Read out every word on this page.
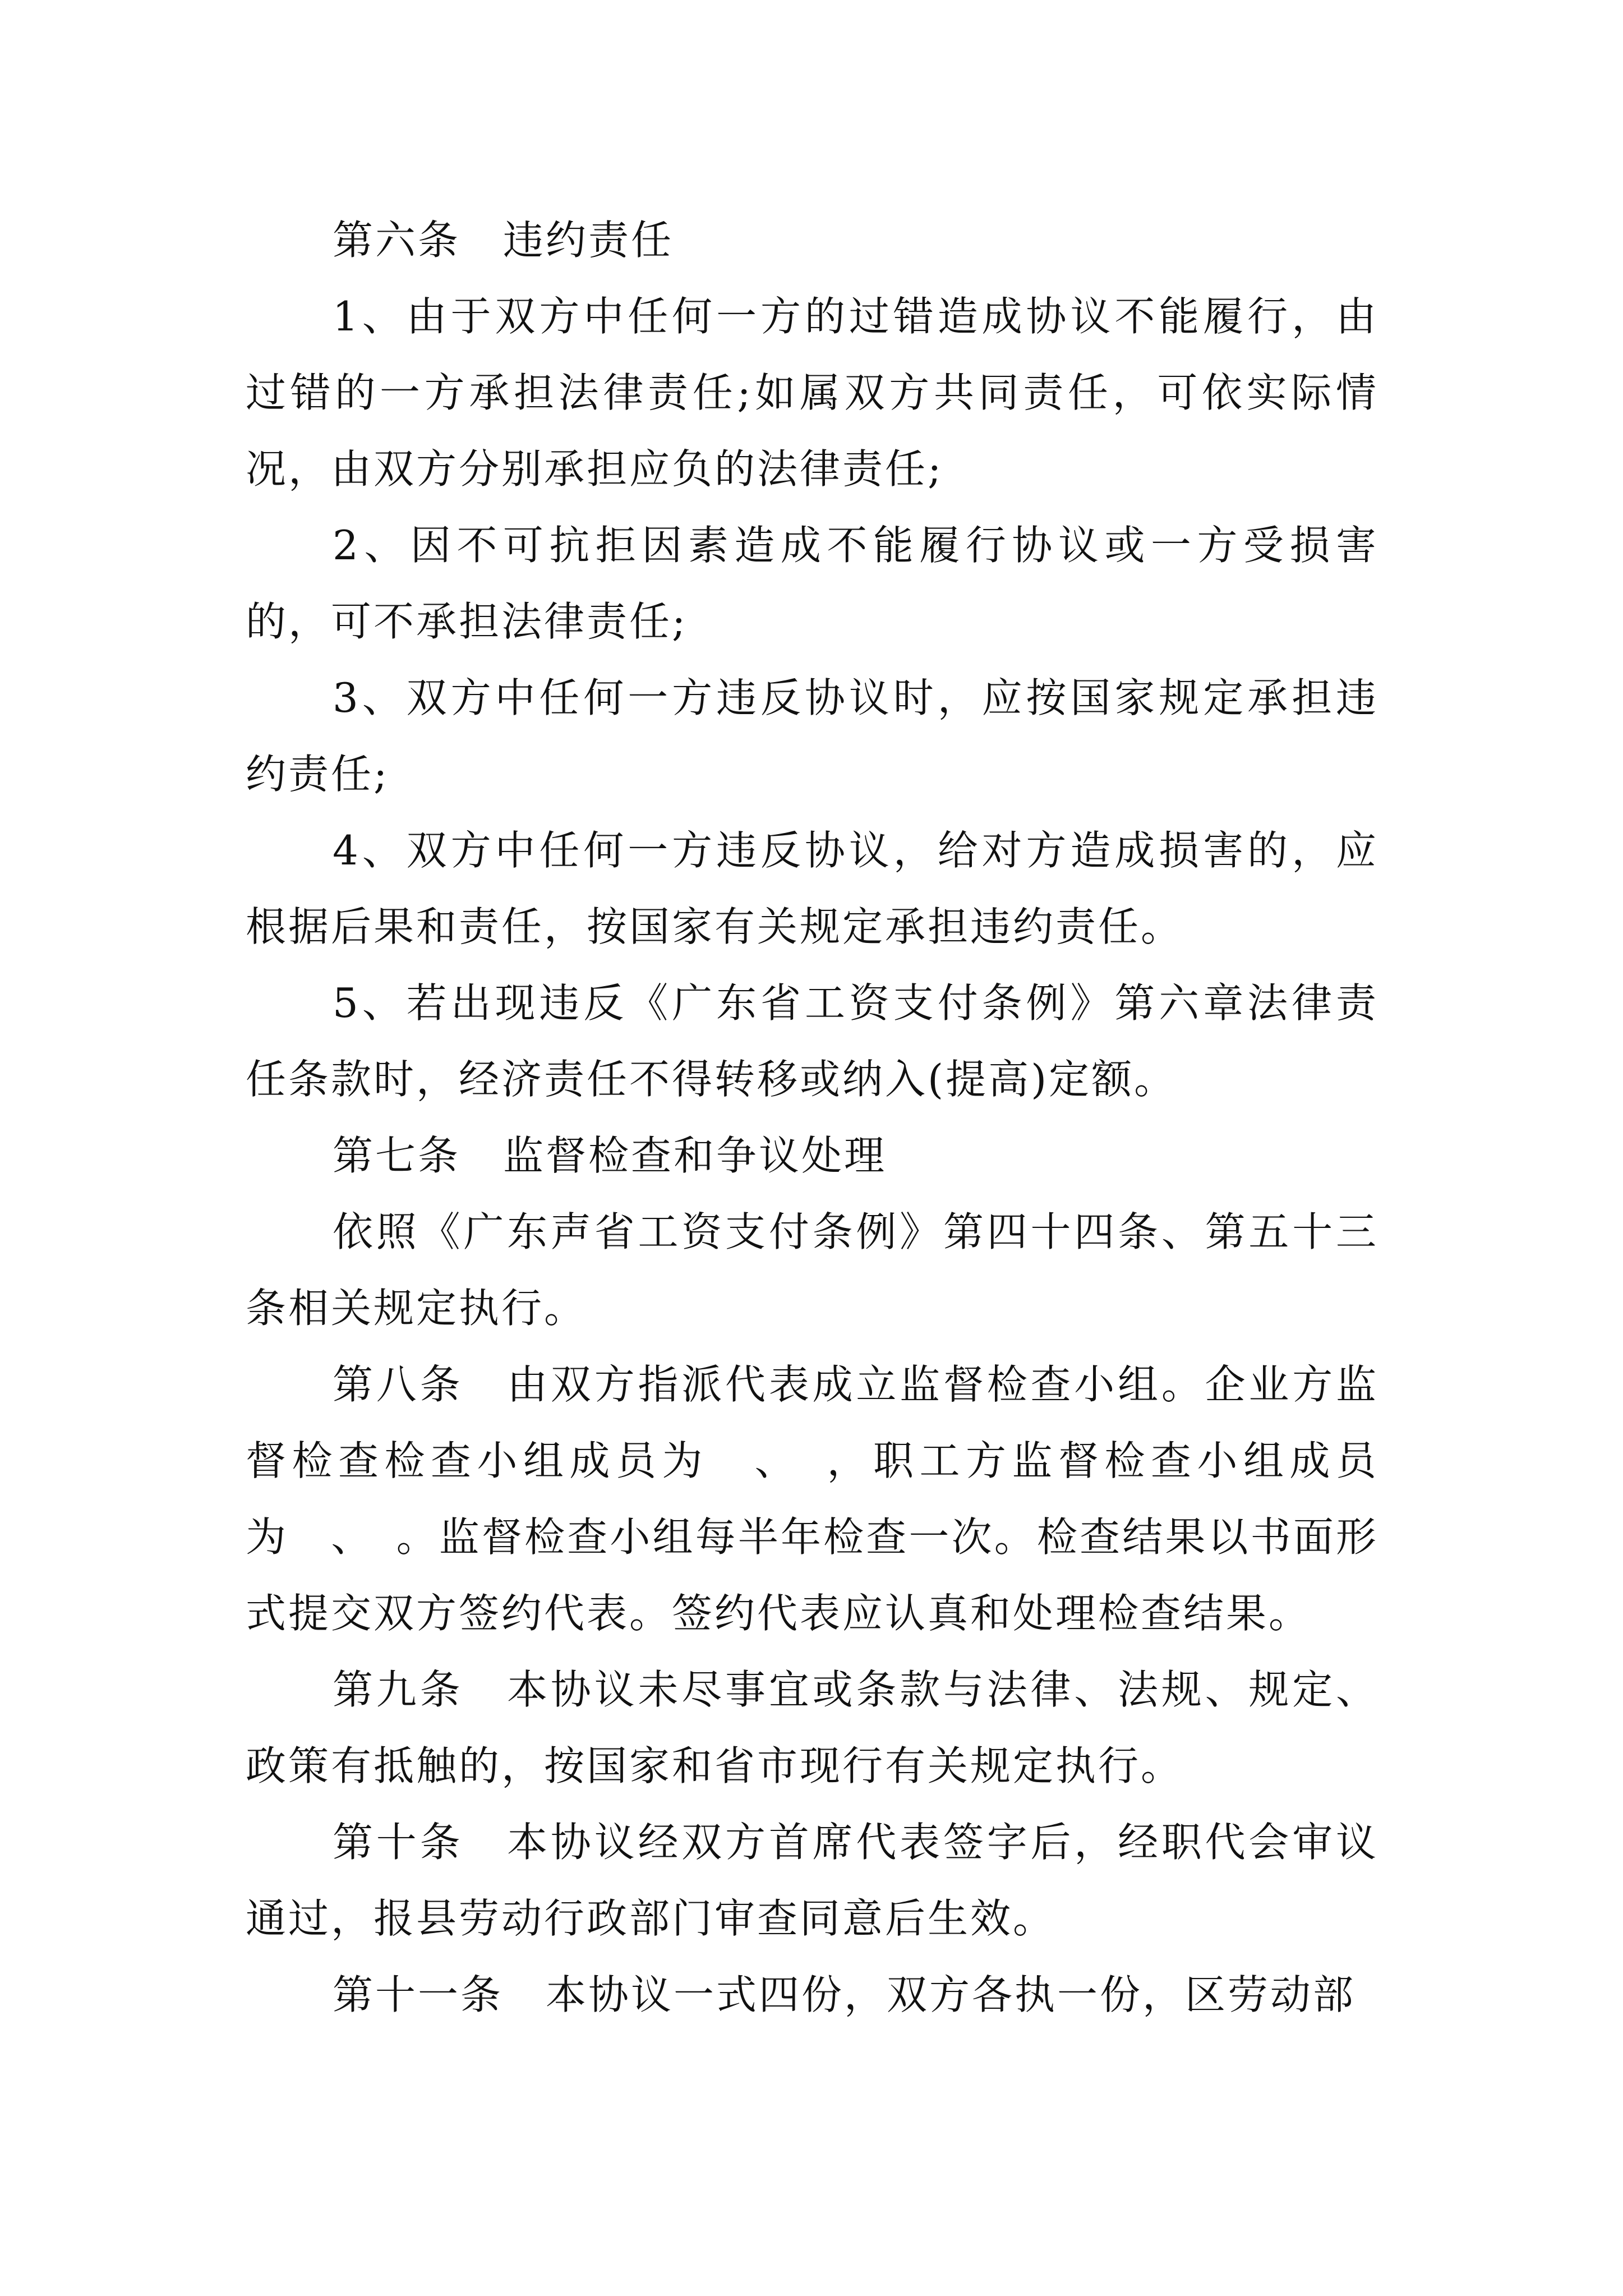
第六条　违约责任

1、由于双方中任何一方的过错造成协议不能履行，由过错的一方承担法律责任;如属双方共同责任，可依实际情况，由双方分别承担应负的法律责任;

2、因不可抗拒因素造成不能履行协议或一方受损害的，可不承担法律责任;

3、双方中任何一方违反协议时，应按国家规定承担违约责任;

4、双方中任何一方违反协议，给对方造成损害的，应根据后果和责任，按国家有关规定承担违约责任。

5、若出现违反《广东省工资支付条例》第六章法律责任条款时，经济责任不得转移或纳入(提高)定额。

第七条　监督检查和争议处理

依照《广东声省工资支付条例》第四十四条、第五十三条相关规定执行。

第八条　由双方指派代表成立监督检查小组。企业方监督检查检查小组成员为　、　，职工方监督检查小组成员为　、　。监督检查小组每半年检查一次。检查结果以书面形式提交双方签约代表。签约代表应认真和处理检查结果。

第九条　本协议未尽事宜或条款与法律、法规、规定、政策有抵触的，按国家和省市现行有关规定执行。

第十条　本协议经双方首席代表签字后，经职代会审议通过，报县劳动行政部门审查同意后生效。

第十一条　本协议一式四份，双方各执一份，区劳动部
